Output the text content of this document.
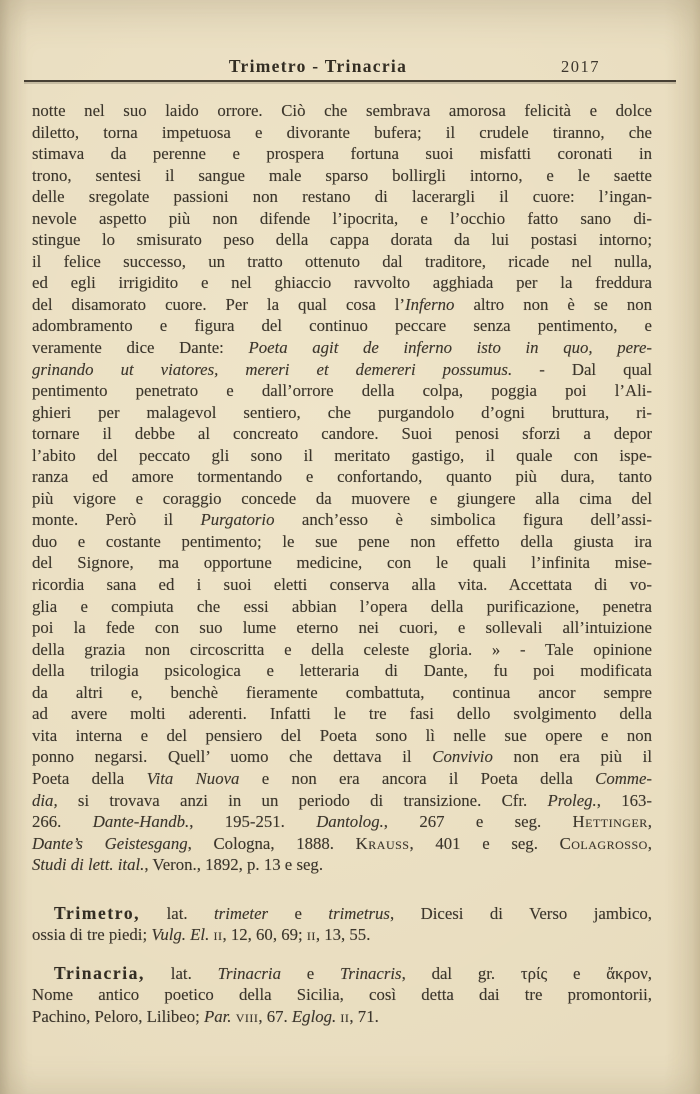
Trimetro - Trinacria	2017
notte nel suo laido orrore. Ciò che sembrava amorosa felicità e dolce
diletto, torna impetuosa e divorante bufera; il crudele tiranno, che
stimava da perenne e prospera fortuna suoi misfatti coronati in
trono, sentesi il sangue male sparso bollirgli intorno, e le saette
delle sregolate passioni non restano di lacerargli il cuore: l’ingan-
nevole aspetto più non difende l’ipocrita, e l’occhio fatto sano di-
stingue lo smisurato peso della cappa dorata da lui postasi intorno;
il felice successo, un tratto ottenuto dal traditore, ricade nel nulla,
ed egli irrigidito e nel ghiaccio ravvolto agghiada per la freddura
del disamorato cuore. Per la qual cosa l’Inferno altro non è se non
adombramento e figura del continuo peccare senza pentimento, e
veramente dice Dante: Poeta agit de inferno isto in quo, pere-
grinando ut viatores, mereri et demereri possumus. - Dal qual
pentimento penetrato e dall’orrore della colpa, poggia poi l’Ali-
ghieri per malagevol sentiero, che purgandolo d’ogni bruttura, ri-
tornare il debbe al concreato candore. Suoi penosi sforzi a depor
l’abito del peccato gli sono il meritato gastigo, il quale con ispe-
ranza ed amore tormentando e confortando, quanto più dura, tanto
più vigore e coraggio concede da muovere e giungere alla cima del
monte. Però il Purgatorio anch’esso è simbolica figura dell’assi-
duo e costante pentimento; le sue pene non effetto della giusta ira
del Signore, ma opportune medicine, con le quali l’infinita mise-
ricordia sana ed i suoi eletti conserva alla vita. Accettata di vo-
glia e compiuta che essi abbian l’opera della purificazione, penetra
poi la fede con suo lume eterno nei cuori, e sollevali all’intuizione
della grazia non circoscritta e della celeste gloria. » - Tale opinione
della trilogia psicologica e letteraria di Dante, fu poi modificata
da altri e, benchè fieramente combattuta, continua ancor sempre
ad avere molti aderenti. Infatti le tre fasi dello svolgimento della
vita interna e del pensiero del Poeta sono lì nelle sue opere e non
ponno negarsi. Quell’ uomo che dettava il Convivio non era più il
Poeta della Vita Nuova e non era ancora il Poeta della Comme-
dia, si trovava anzi in un periodo di transizione. Cfr. Proleg., 163-
266. Dante-Handb., 195-251. Dantolog., 267 e seg. Hettinger,
Dante’s Geistesgang, Cologna, 1888. Krauss, 401 e seg. Colagrosso,
Studi di lett. ital., Veron., 1892, p. 13 e seg.
Trimetro, lat. trimeter e trimetrus, Dicesi di Verso jambico,
ossia di tre piedi; Vulg. El. ii, 12, 60, 69; ii, 13, 55.
Trinacria, lat. Trinacria e Trinacris, dal gr. τρίς e ἄκρον,
Nome antico poetico della Sicilia, così detta dai tre promontorii,
Pachino, Peloro, Lilibeo; Par. viii, 67. Eglog. ii, 71.
